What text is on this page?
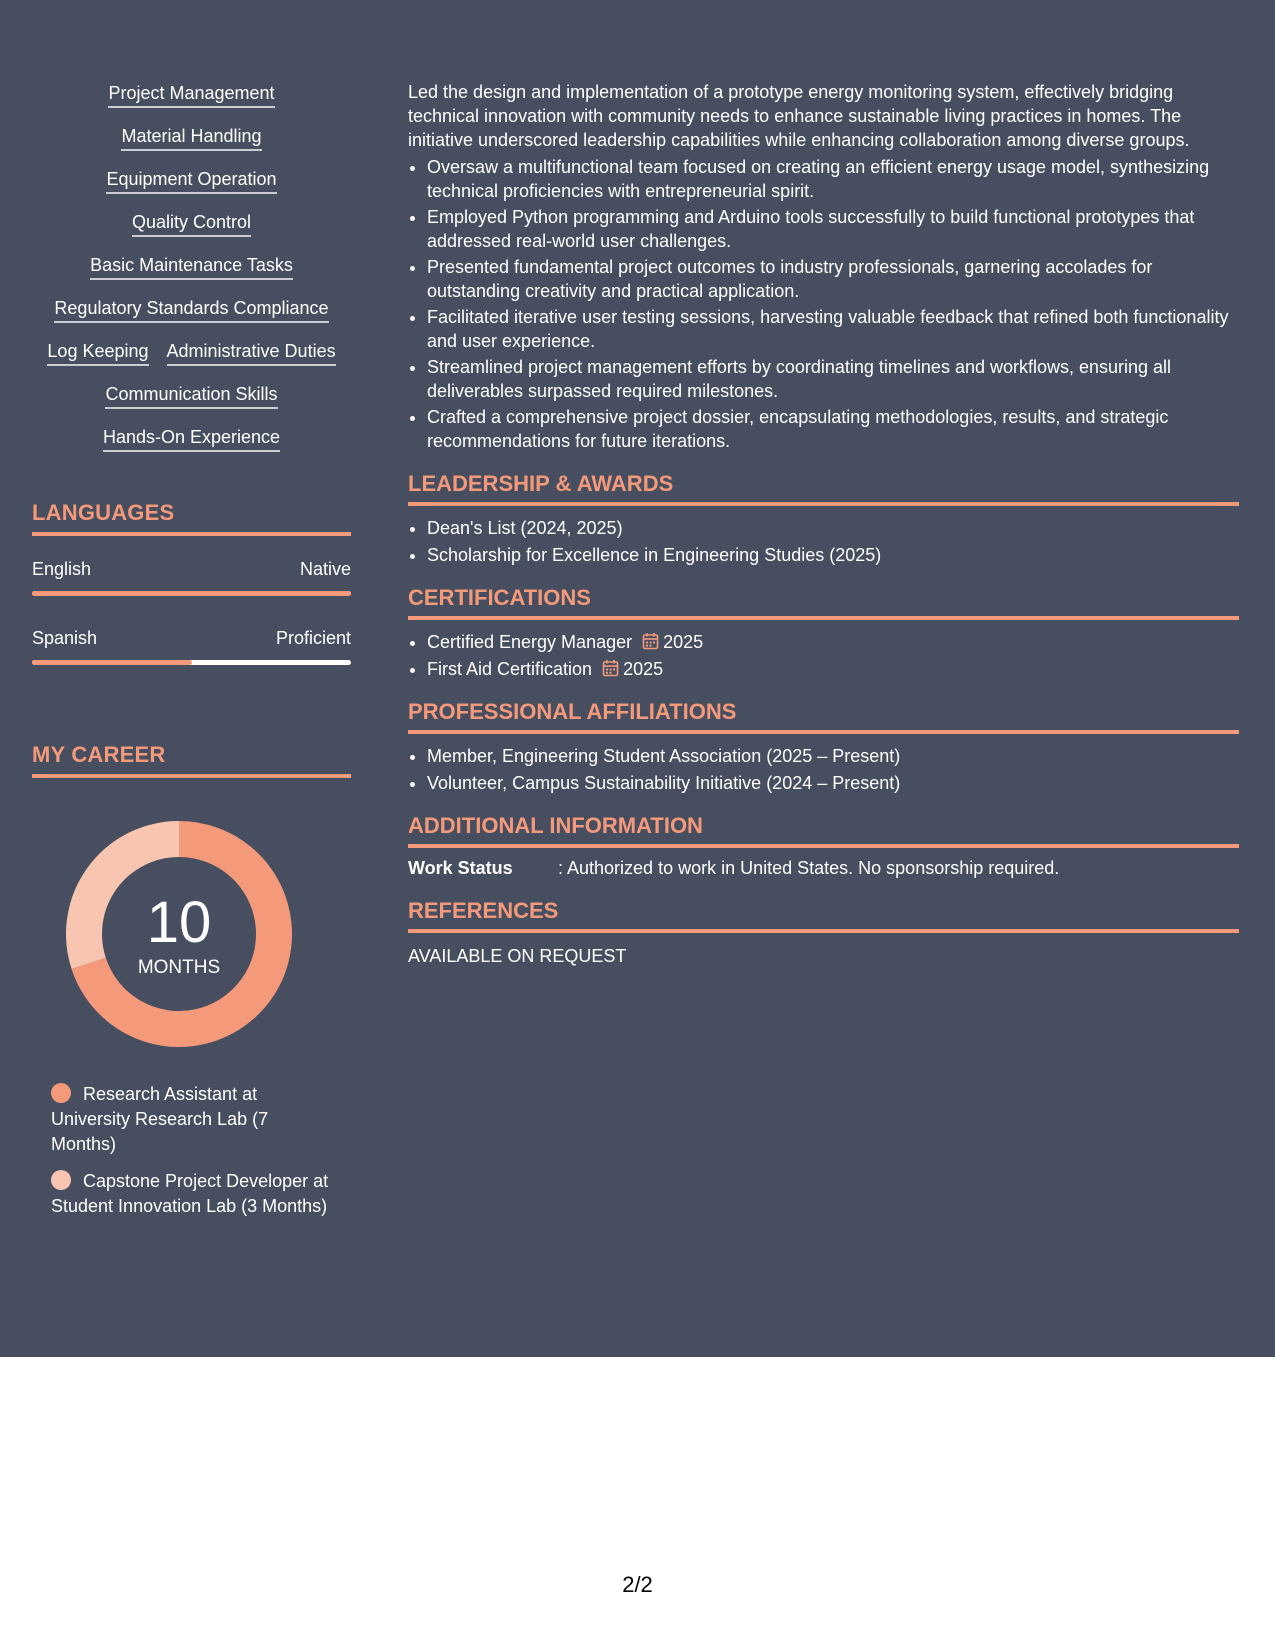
Project Management
Material Handling
Equipment Operation
Quality Control
Basic Maintenance Tasks
Regulatory Standards Compliance
Log Keeping Administrative Duties
Communication Skills
Hands-On Experience
LANGUAGES
English	Native
Spanish	Proficient
MY CAREER
10
MONTHS
Research Assistant at University Research Lab (7 Months)
Capstone Project Developer at Student Innovation Lab (3 Months)

Led the design and implementation of a prototype energy monitoring system, effectively bridging technical innovation with community needs to enhance sustainable living practices in homes. The initiative underscored leadership capabilities while enhancing collaboration among diverse groups.

• Oversaw a multifunctional team focused on creating an efficient energy usage model, synthesizing technical proficiencies with entrepreneurial spirit.
• Employed Python programming and Arduino tools successfully to build functional prototypes that addressed real-world user challenges.
• Presented fundamental project outcomes to industry professionals, garnering accolades for outstanding creativity and practical application.
• Facilitated iterative user testing sessions, harvesting valuable feedback that refined both functionality and user experience.
• Streamlined project management efforts by coordinating timelines and workflows, ensuring all deliverables surpassed required milestones.
• Crafted a comprehensive project dossier, encapsulating methodologies, results, and strategic recommendations for future iterations.
LEADERSHIP & AWARDS
• Dean's List (2024, 2025)
• Scholarship for Excellence in Engineering Studies (2025)
CERTIFICATIONS
• Certified Energy Manager 2025
• First Aid Certification 2025
PROFESSIONAL AFFILIATIONS
• Member, Engineering Student Association (2025 – Present)
• Volunteer, Campus Sustainability Initiative (2024 – Present)
ADDITIONAL INFORMATION
Work Status	: Authorized to work in United States. No sponsorship required.
REFERENCES
AVAILABLE ON REQUEST
2/2
